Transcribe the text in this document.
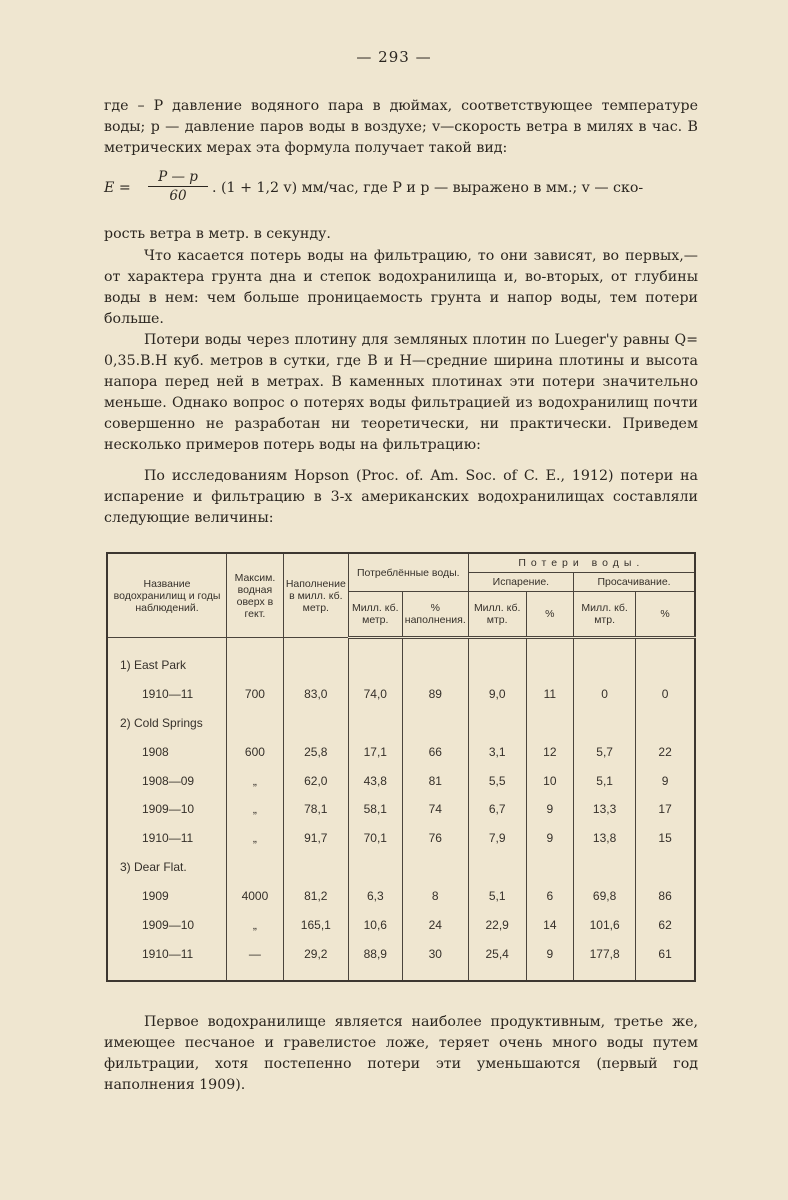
— 293 —

где – P давление водяного пара в дюймах, соответствующее температуре воды; p — давление паров воды в воздухе; v—скорость ветра в милях в час. В метрических мерах эта формула получает такой вид:

$E = \frac{P — p}{60}$ . (1 + 1,2 v) мм/час, где P и p — выражено в мм.; v — ско-

рость ветра в метр. в секунду.

Что касается потерь воды на фильтрацию, то они зависят, во первых,— от характера грунта дна и степок водохранилища и, во-вторых, от глубины воды в нем: чем больше проницаемость грунта и напор воды, тем потери больше.

Потери воды через плотину для земляных плотин по Lueger'у равны Q= 0,35.B.H куб. метров в сутки, где B и H—средние ширина плотины и высота напора перед ней в метрах. В каменных плотинах эти потери значительно меньше. Однако вопрос о потерях воды фильтрацией из водохранилищ почти совершенно не разработан ни теоретически, ни практически. Приведем несколько примеров потерь воды на фильтрацию:

По исследованиям Hopson (Proc. of. Am. Soc. of C. E., 1912) потери на испарение и фильтрацию в 3-х американских водохранилищах составляли следующие величины:

Название водохранилищ и годы наблюдений.	Максим. водная оверх в гект.	Наполнение в милл. кб. метр.	Потреблённые воды.		Потери воды.			
					Испарение.		Просачивание.	
			Милл. кб. метр.	% наполнения.	Милл. кб. мтр.	%	Милл. кб. мтр.	%

1) East Park								
1910—11	700	83,0	74,0	89	9,0	11	0	0
2) Cold Springs								
1908	600	25,8	17,1	66	3,1	12	5,7	22
1908—09	„	62,0	43,8	81	5,5	10	5,1	9
1909—10	„	78,1	58,1	74	6,7	9	13,3	17
1910—11	„	91,7	70,1	76	7,9	9	13,8	15
3) Dear Flat.								
1909	4000	81,2	6,3	8	5,1	6	69,8	86
1909—10	„	165,1	10,6	24	22,9	14	101,6	62
1910—11	—	29,2	88,9	30	25,4	9	177,8	61

Первое водохранилище является наиболее продуктивным, третье же, имеющее песчаное и гравелистое ложе, теряет очень много воды путем фильтрации, хотя постепенно потери эти уменьшаются (первый год наполнения 1909).
